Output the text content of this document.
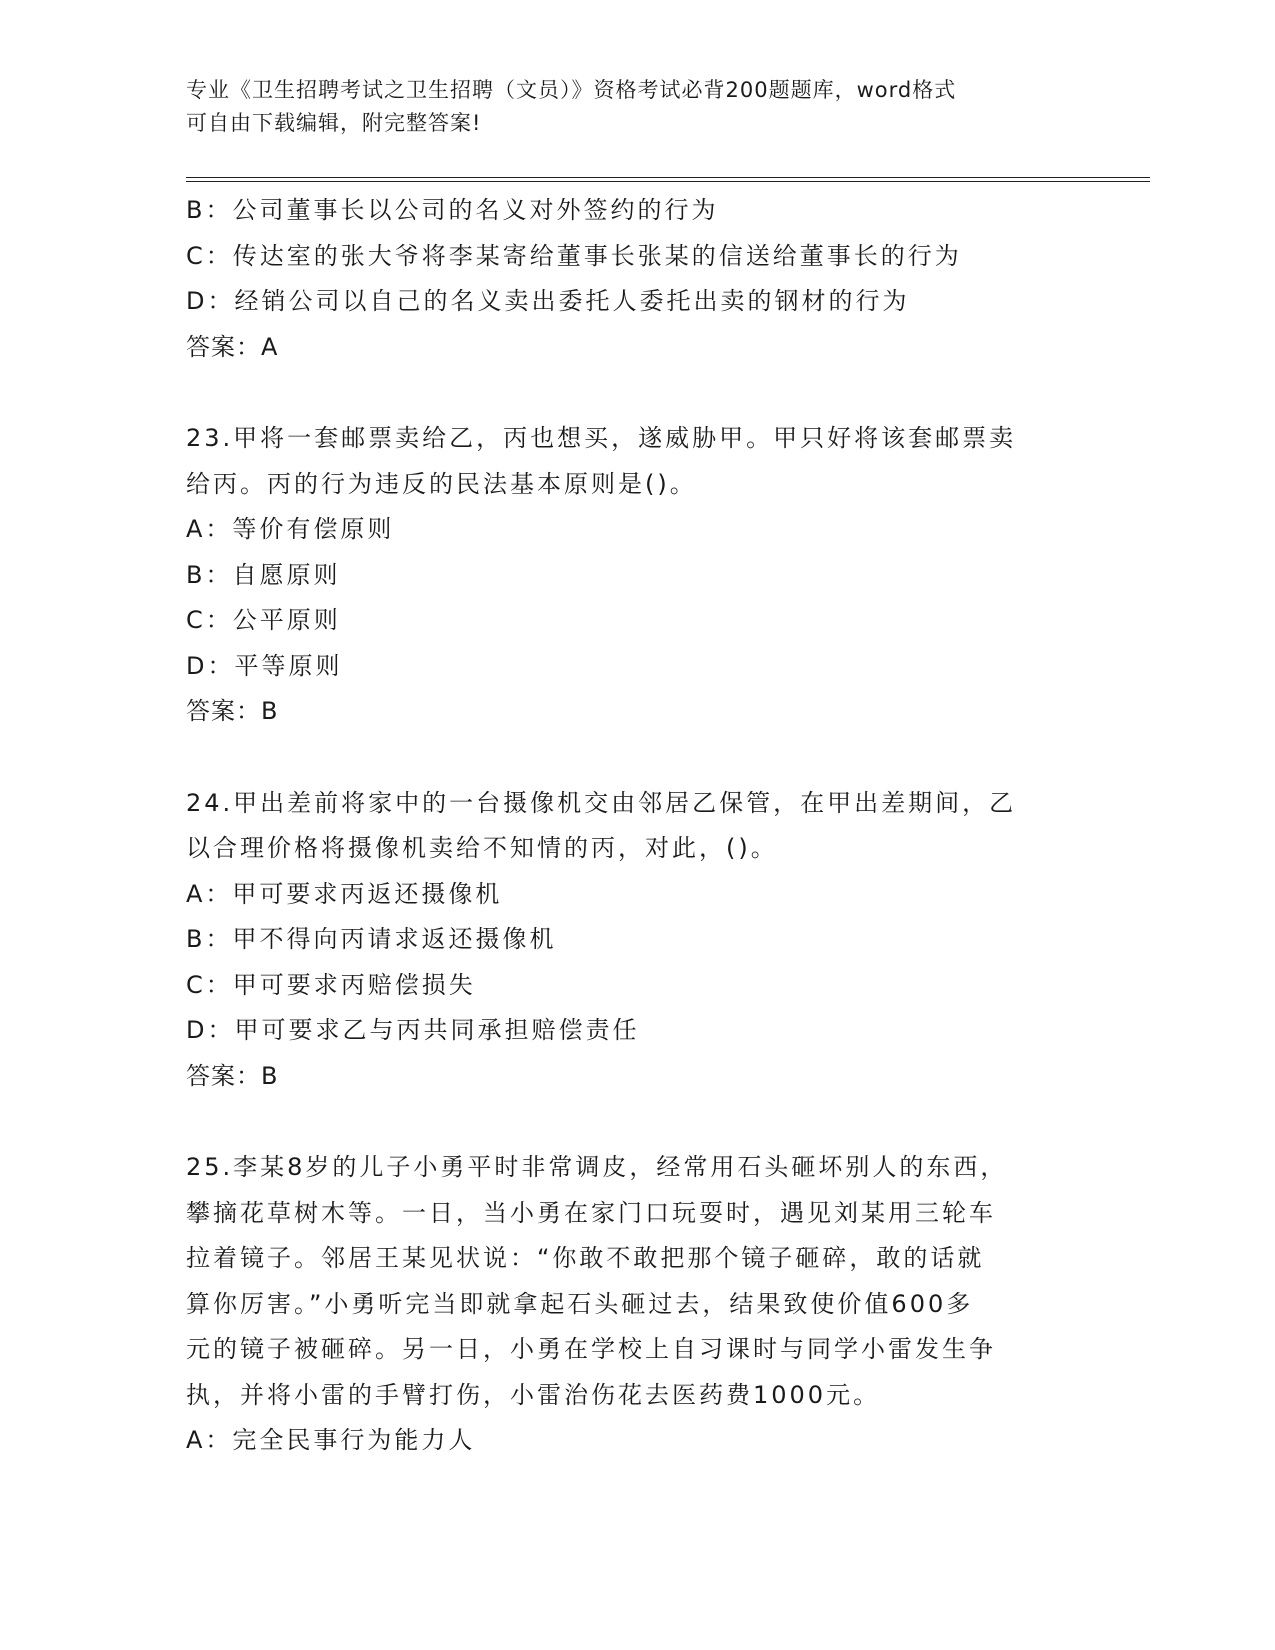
专业《卫生招聘考试之卫生招聘（文员）》资格考试必背200题题库，word格式
可自由下载编辑，附完整答案!
B：公司董事长以公司的名义对外签约的行为
C：传达室的张大爷将李某寄给董事长张某的信送给董事长的行为
D：经销公司以自己的名义卖出委托人委托出卖的钢材的行为
答案：A
23.甲将一套邮票卖给乙，丙也想买，遂威胁甲。甲只好将该套邮票卖
给丙。丙的行为违反的民法基本原则是()。
A：等价有偿原则
B：自愿原则
C：公平原则
D：平等原则
答案：B
24.甲出差前将家中的一台摄像机交由邻居乙保管，在甲出差期间，乙
以合理价格将摄像机卖给不知情的丙，对此，()。
A：甲可要求丙返还摄像机
B：甲不得向丙请求返还摄像机
C：甲可要求丙赔偿损失
D：甲可要求乙与丙共同承担赔偿责任
答案：B
25.李某8岁的儿子小勇平时非常调皮，经常用石头砸坏别人的东西，
攀摘花草树木等。一日，当小勇在家门口玩耍时，遇见刘某用三轮车
拉着镜子。邻居王某见状说：“你敢不敢把那个镜子砸碎，敢的话就
算你厉害。”小勇听完当即就拿起石头砸过去，结果致使价值600多
元的镜子被砸碎。另一日，小勇在学校上自习课时与同学小雷发生争
执，并将小雷的手臂打伤，小雷治伤花去医药费1000元。
A：完全民事行为能力人
